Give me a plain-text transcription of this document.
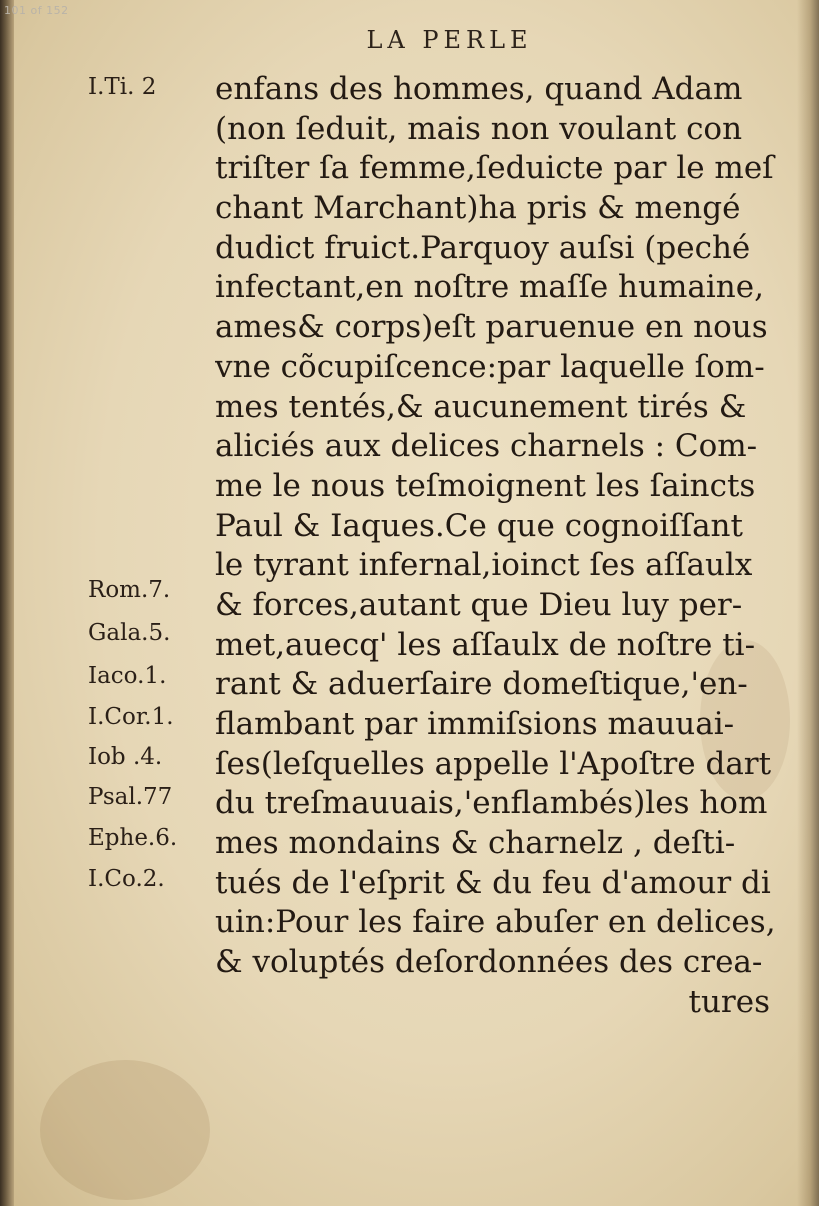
101 of 152
LA PERLE
I.Ti. 2
Rom.7.
Gala.5.
Iaco.1.
I.Cor.1.
Iob .4.
Psal.77
Ephe.6.
I.Co.2.
enfans des hommes, quand Adam
(non ſeduit, mais non voulant con
triſter ſa femme,ſeduicte par le meſ
chant Marchant)ha pris & mengé
dudict fruict.Parquoy auſsi (peché
infectant,en noſtre maſſe humaine,
ames& corps)eſt paruenue en nous
vne cõcupiſcence:par laquelle ſom-
mes tentés,& aucunement tirés &
aliciés aux delices charnels : Com-
me le nous teſmoignent les ſaincts
Paul & Iaques.Ce que cognoiſſant
le tyrant infernal,ioinct ſes aſſaulx
& forces,autant que Dieu luy per-
met,auecq' les aſſaulx de noſtre ti-
rant & aduerſaire domeſtique,'en-
flambant par immiſsions mauuai-
ſes(leſquelles appelle l'Apoſtre dart
du treſmauuais,'enflambés)les hom
mes mondains & charnelz , deſti-
tués de l'eſprit & du feu d'amour di
uin:Pour les faire abuſer en delices,
& voluptés deſordonnées des crea-
tures
